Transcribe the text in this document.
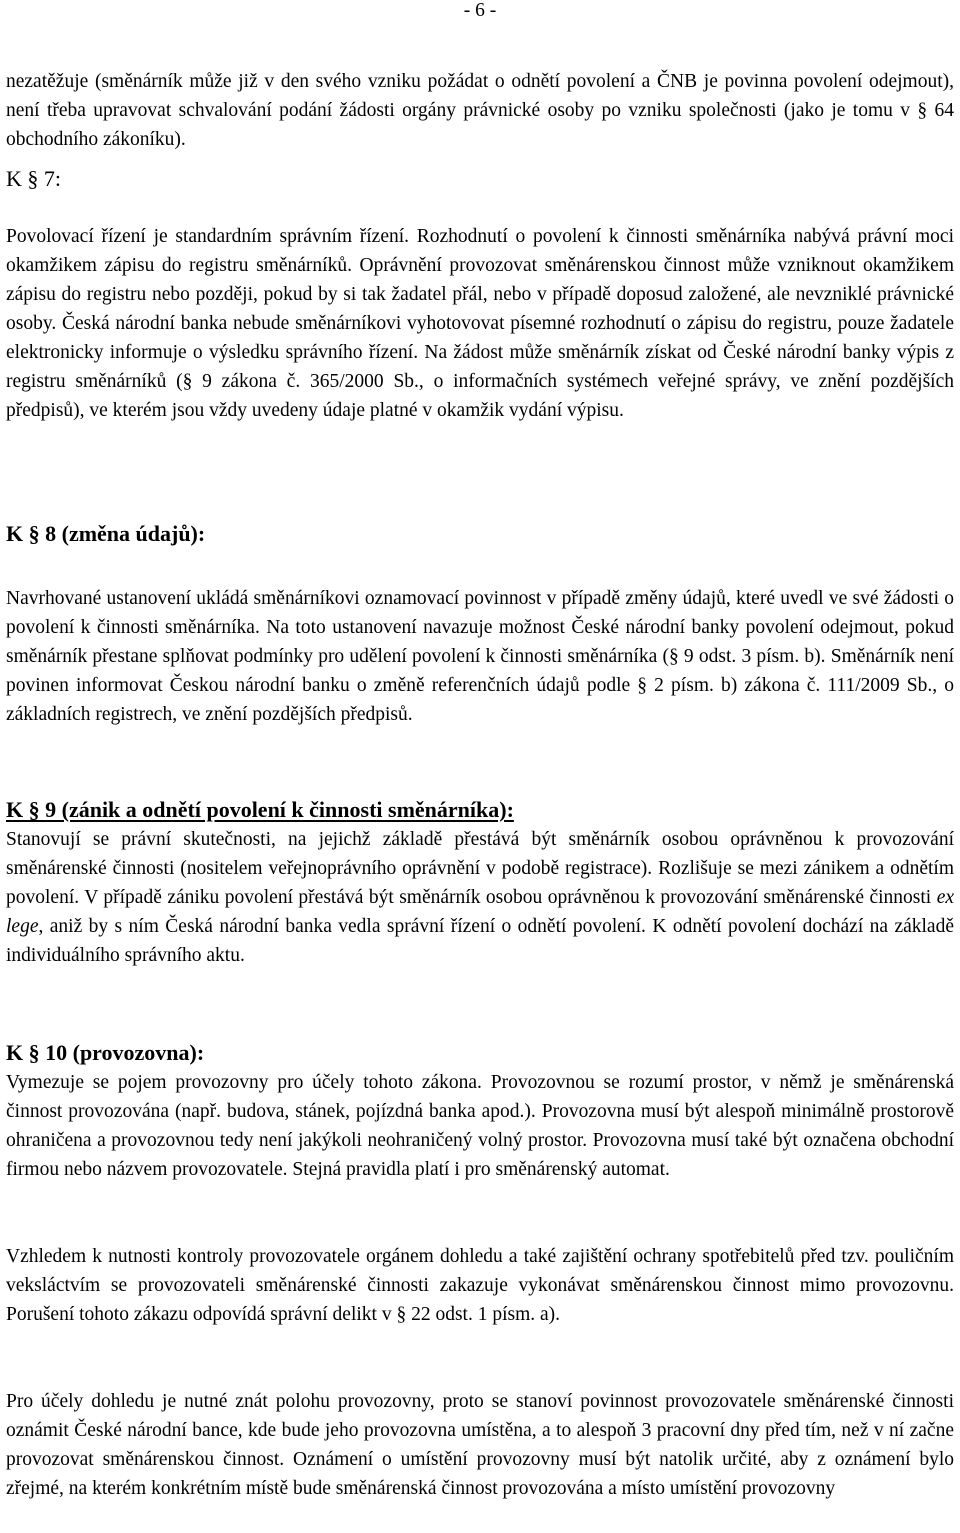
- 6 -

nezatěžuje (směnárník může již v den svého vzniku požádat o odnětí povolení a ČNB je povinna povolení odejmout), není třeba upravovat schvalování podání žádosti orgány právnické osoby po vzniku společnosti (jako je tomu v § 64 obchodního zákoníku).

K § 7:

Povolovací řízení je standardním správním řízení. Rozhodnutí o povolení k činnosti směnárníka nabývá právní moci okamžikem zápisu do registru směnárníků. Oprávnění provozovat směnárenskou činnost může vzniknout okamžikem zápisu do registru nebo později, pokud by si tak žadatel přál, nebo v případě doposud založené, ale nevzniklé právnické osoby. Česká národní banka nebude směnárníkovi vyhotovovat písemné rozhodnutí o zápisu do registru, pouze žadatele elektronicky informuje o výsledku správního řízení. Na žádost může směnárník získat od České národní banky výpis z registru směnárníků (§ 9 zákona č. 365/2000 Sb., o informačních systémech veřejné správy, ve znění pozdějších předpisů), ve kterém jsou vždy uvedeny údaje platné v okamžik vydání výpisu.

K § 8 (změna údajů):

Navrhované ustanovení ukládá směnárníkovi oznamovací povinnost v případě změny údajů, které uvedl ve své žádosti o povolení k činnosti směnárníka. Na toto ustanovení navazuje možnost České národní banky povolení odejmout, pokud směnárník přestane splňovat podmínky pro udělení povolení k činnosti směnárníka (§ 9 odst. 3 písm. b). Směnárník není povinen informovat Českou národní banku o změně referenčních údajů podle § 2 písm. b) zákona č. 111/2009 Sb., o základních registrech, ve znění pozdějších předpisů.

K § 9 (zánik a odnětí povolení k činnosti směnárníka):

Stanovují se právní skutečnosti, na jejichž základě přestává být směnárník osobou oprávněnou k provozování směnárenské činnosti (nositelem veřejnoprávního oprávnění v podobě registrace). Rozlišuje se mezi zánikem a odnětím povolení. V případě zániku povolení přestává být směnárník osobou oprávněnou k provozování směnárenské činnosti ex lege, aniž by s ním Česká národní banka vedla správní řízení o odnětí povolení. K odnětí povolení dochází na základě individuálního správního aktu.

K § 10 (provozovna):

Vymezuje se pojem provozovny pro účely tohoto zákona. Provozovnou se rozumí prostor, v němž je směnárenská činnost provozována (např. budova, stánek, pojízdná banka apod.). Provozovna musí být alespoň minimálně prostorově ohraničena a provozovnou tedy není jakýkoli neohraničený volný prostor. Provozovna musí také být označena obchodní firmou nebo názvem provozovatele. Stejná pravidla platí i pro směnárenský automat.

Vzhledem k nutnosti kontroly provozovatele orgánem dohledu a také zajištění ochrany spotřebitelů před tzv. pouličním veksláctvím se provozovateli směnárenské činnosti zakazuje vykonávat směnárenskou činnost mimo provozovnu. Porušení tohoto zákazu odpovídá správní delikt v § 22 odst. 1 písm. a).

Pro účely dohledu je nutné znát polohu provozovny, proto se stanoví povinnost provozovatele směnárenské činnosti oznámit České národní bance, kde bude jeho provozovna umístěna, a to alespoň 3 pracovní dny před tím, než v ní začne provozovat směnárenskou činnost. Oznámení o umístění provozovny musí být natolik určité, aby z oznámení bylo zřejmé, na kterém konkrétním místě bude směnárenská činnost provozována a místo umístění provozovny
